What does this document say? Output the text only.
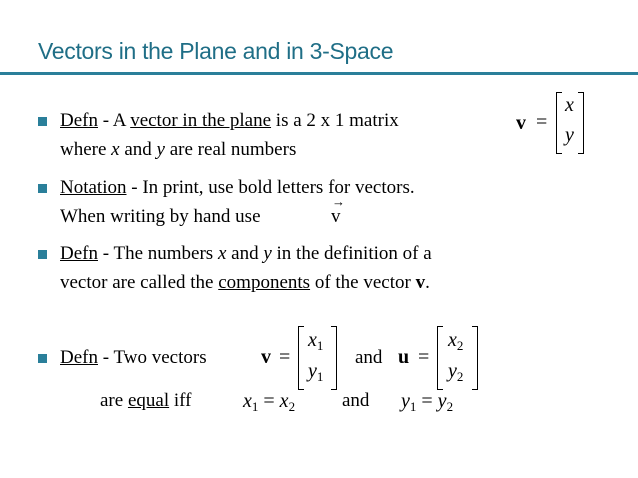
Vectors in the Plane and in 3-Space
Defn - A vector in the plane is a 2 x 1 matrix
where x and y are real numbers
v =
x
y
Notation - In print, use bold letters for vectors.
When writing by hand use
→
v
Defn - The numbers x and y in the definition of a
vector are called the components of the vector v.
Defn - Two vectors	v =
$x_1$
$y_1$
and u =
$x_2$
$y_2$
are equal iff	$x_1 = x_2$ and $y_1 = y_2$
